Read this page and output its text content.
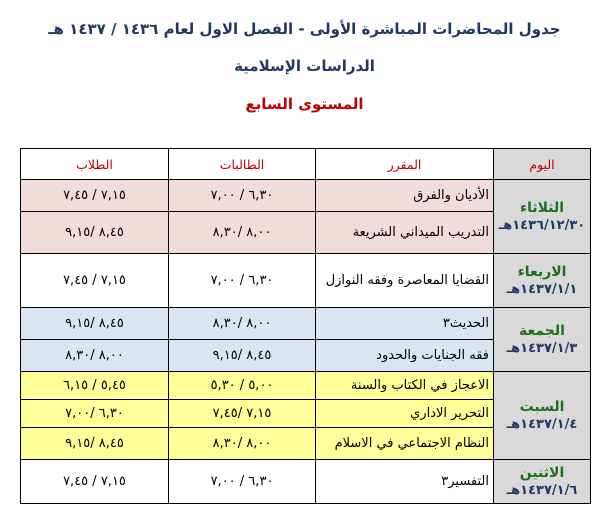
جدول المحاضرات المباشرة الأولى - الفصل الاول لعام ١٤٣٦ / ١٤٣٧ هـ
الدراسات الإسلامية
المستوى السابع
اليوم	المقرر	الطالبات	الطلاب

الثلاثاء
١٤٣٦/١٢/٣٠هـ	الأديان والفرق	٦,٣٠ / ٧,٠٠	٧,١٥ / ٧,٤٥
	التدريب الميداني الشريعة	٨,٠٠ /٨,٣٠	٨,٤٥ /٩,١٥

الاربعاء
١٤٣٧/١/١هـ	القضايا المعاصرة وفقه النوازل	٦,٣٠ / ٧,٠٠	٧,١٥ / ٧,٤٥

الجمعة
١٤٣٧/١/٣هـ	الحديث٣	٨,٠٠ /٨,٣٠	٨,٤٥ /٩,١٥
	فقه الجنايات والحدود	٨,٤٥ /٩,١٥	٨,٠٠ /٨,٣٠

السبت
١٤٣٧/١/٤هـ	الاعجاز في الكتاب والسنة	٥,٠٠ / ٥,٣٠	٥,٤٥ / ٦,١٥
	التحرير الاداري	٧,١٥ /٧,٤٥	٦,٣٠ /٧,٠٠
	النظام الاجتماعي في الاسلام	٨,٠٠ /٨,٣٠	٨,٤٥ /٩,١٥

الاثنين
١٤٣٧/١/٦هـ	التفسير٣	٦,٣٠ / ٧,٠٠	٧,١٥ / ٧,٤٥
